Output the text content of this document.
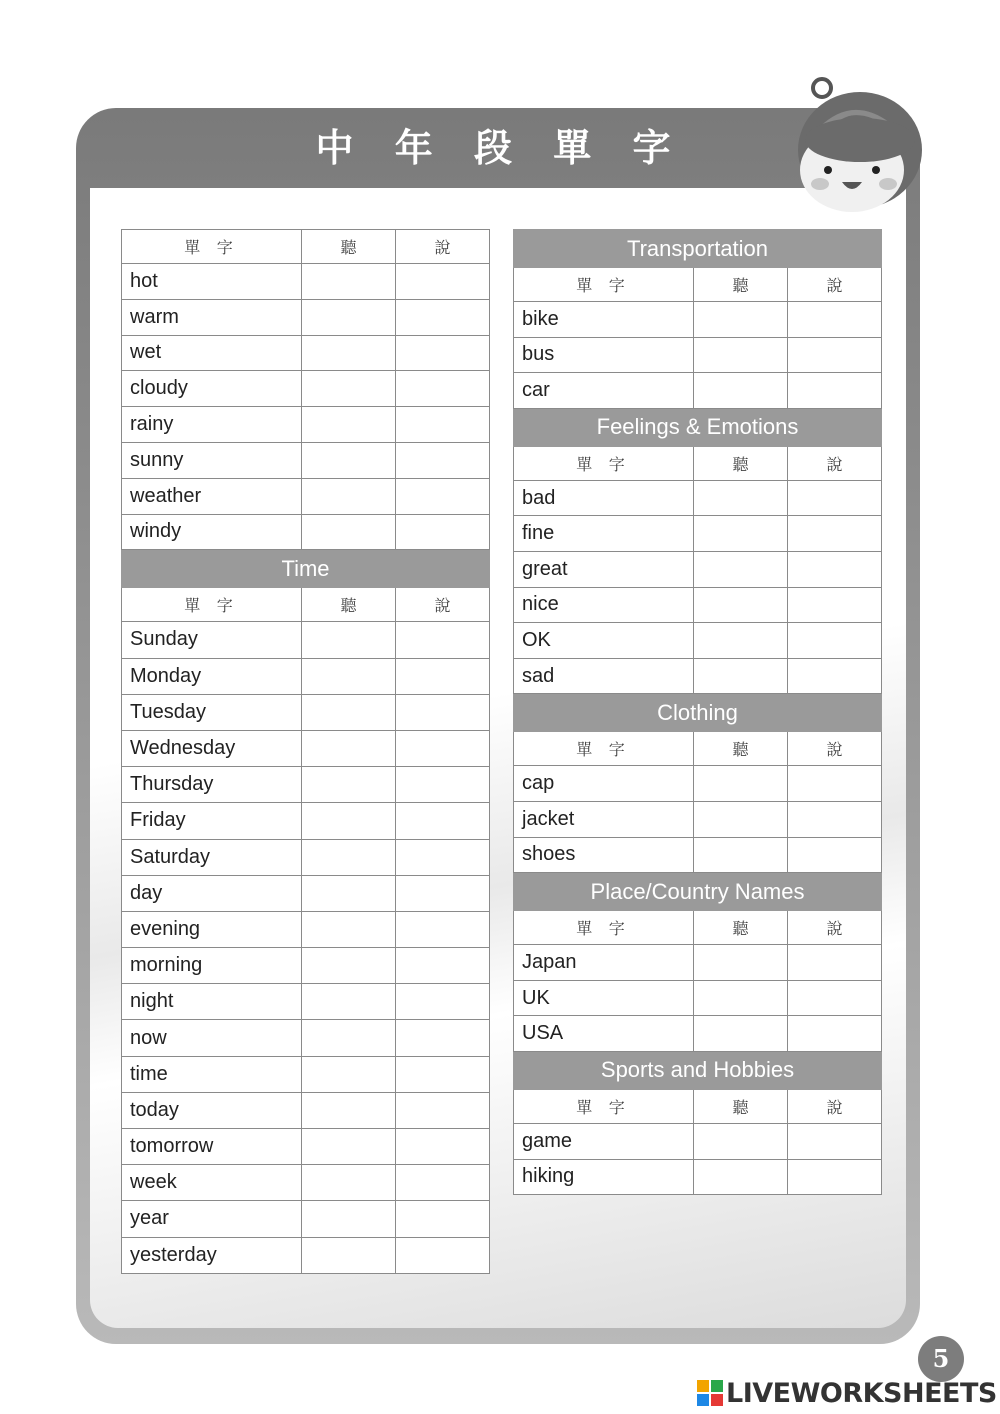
中 年 段 單 字
單 字	聽	說
hot		
warm		
wet		
cloudy		
rainy		
sunny		
weather		
windy		
Time		
單 字	聽	說
Sunday		
Monday		
Tuesday		
Wednesday		
Thursday		
Friday		
Saturday		
day		
evening		
morning		
night		
now		
time		
today		
tomorrow		
week		
year		
yesterday		
Transportation		
單 字	聽	說
bike		
bus		
car		
Feelings & Emotions		
單 字	聽	說
bad		
fine		
great		
nice		
OK		
sad		
Clothing		
單 字	聽	說
cap		
jacket		
shoes		
Place/Country Names		
單 字	聽	說
Japan		
UK		
USA		
Sports and Hobbies		
單 字	聽	說
game		
hiking		
5
LIVEWORKSHEETS
